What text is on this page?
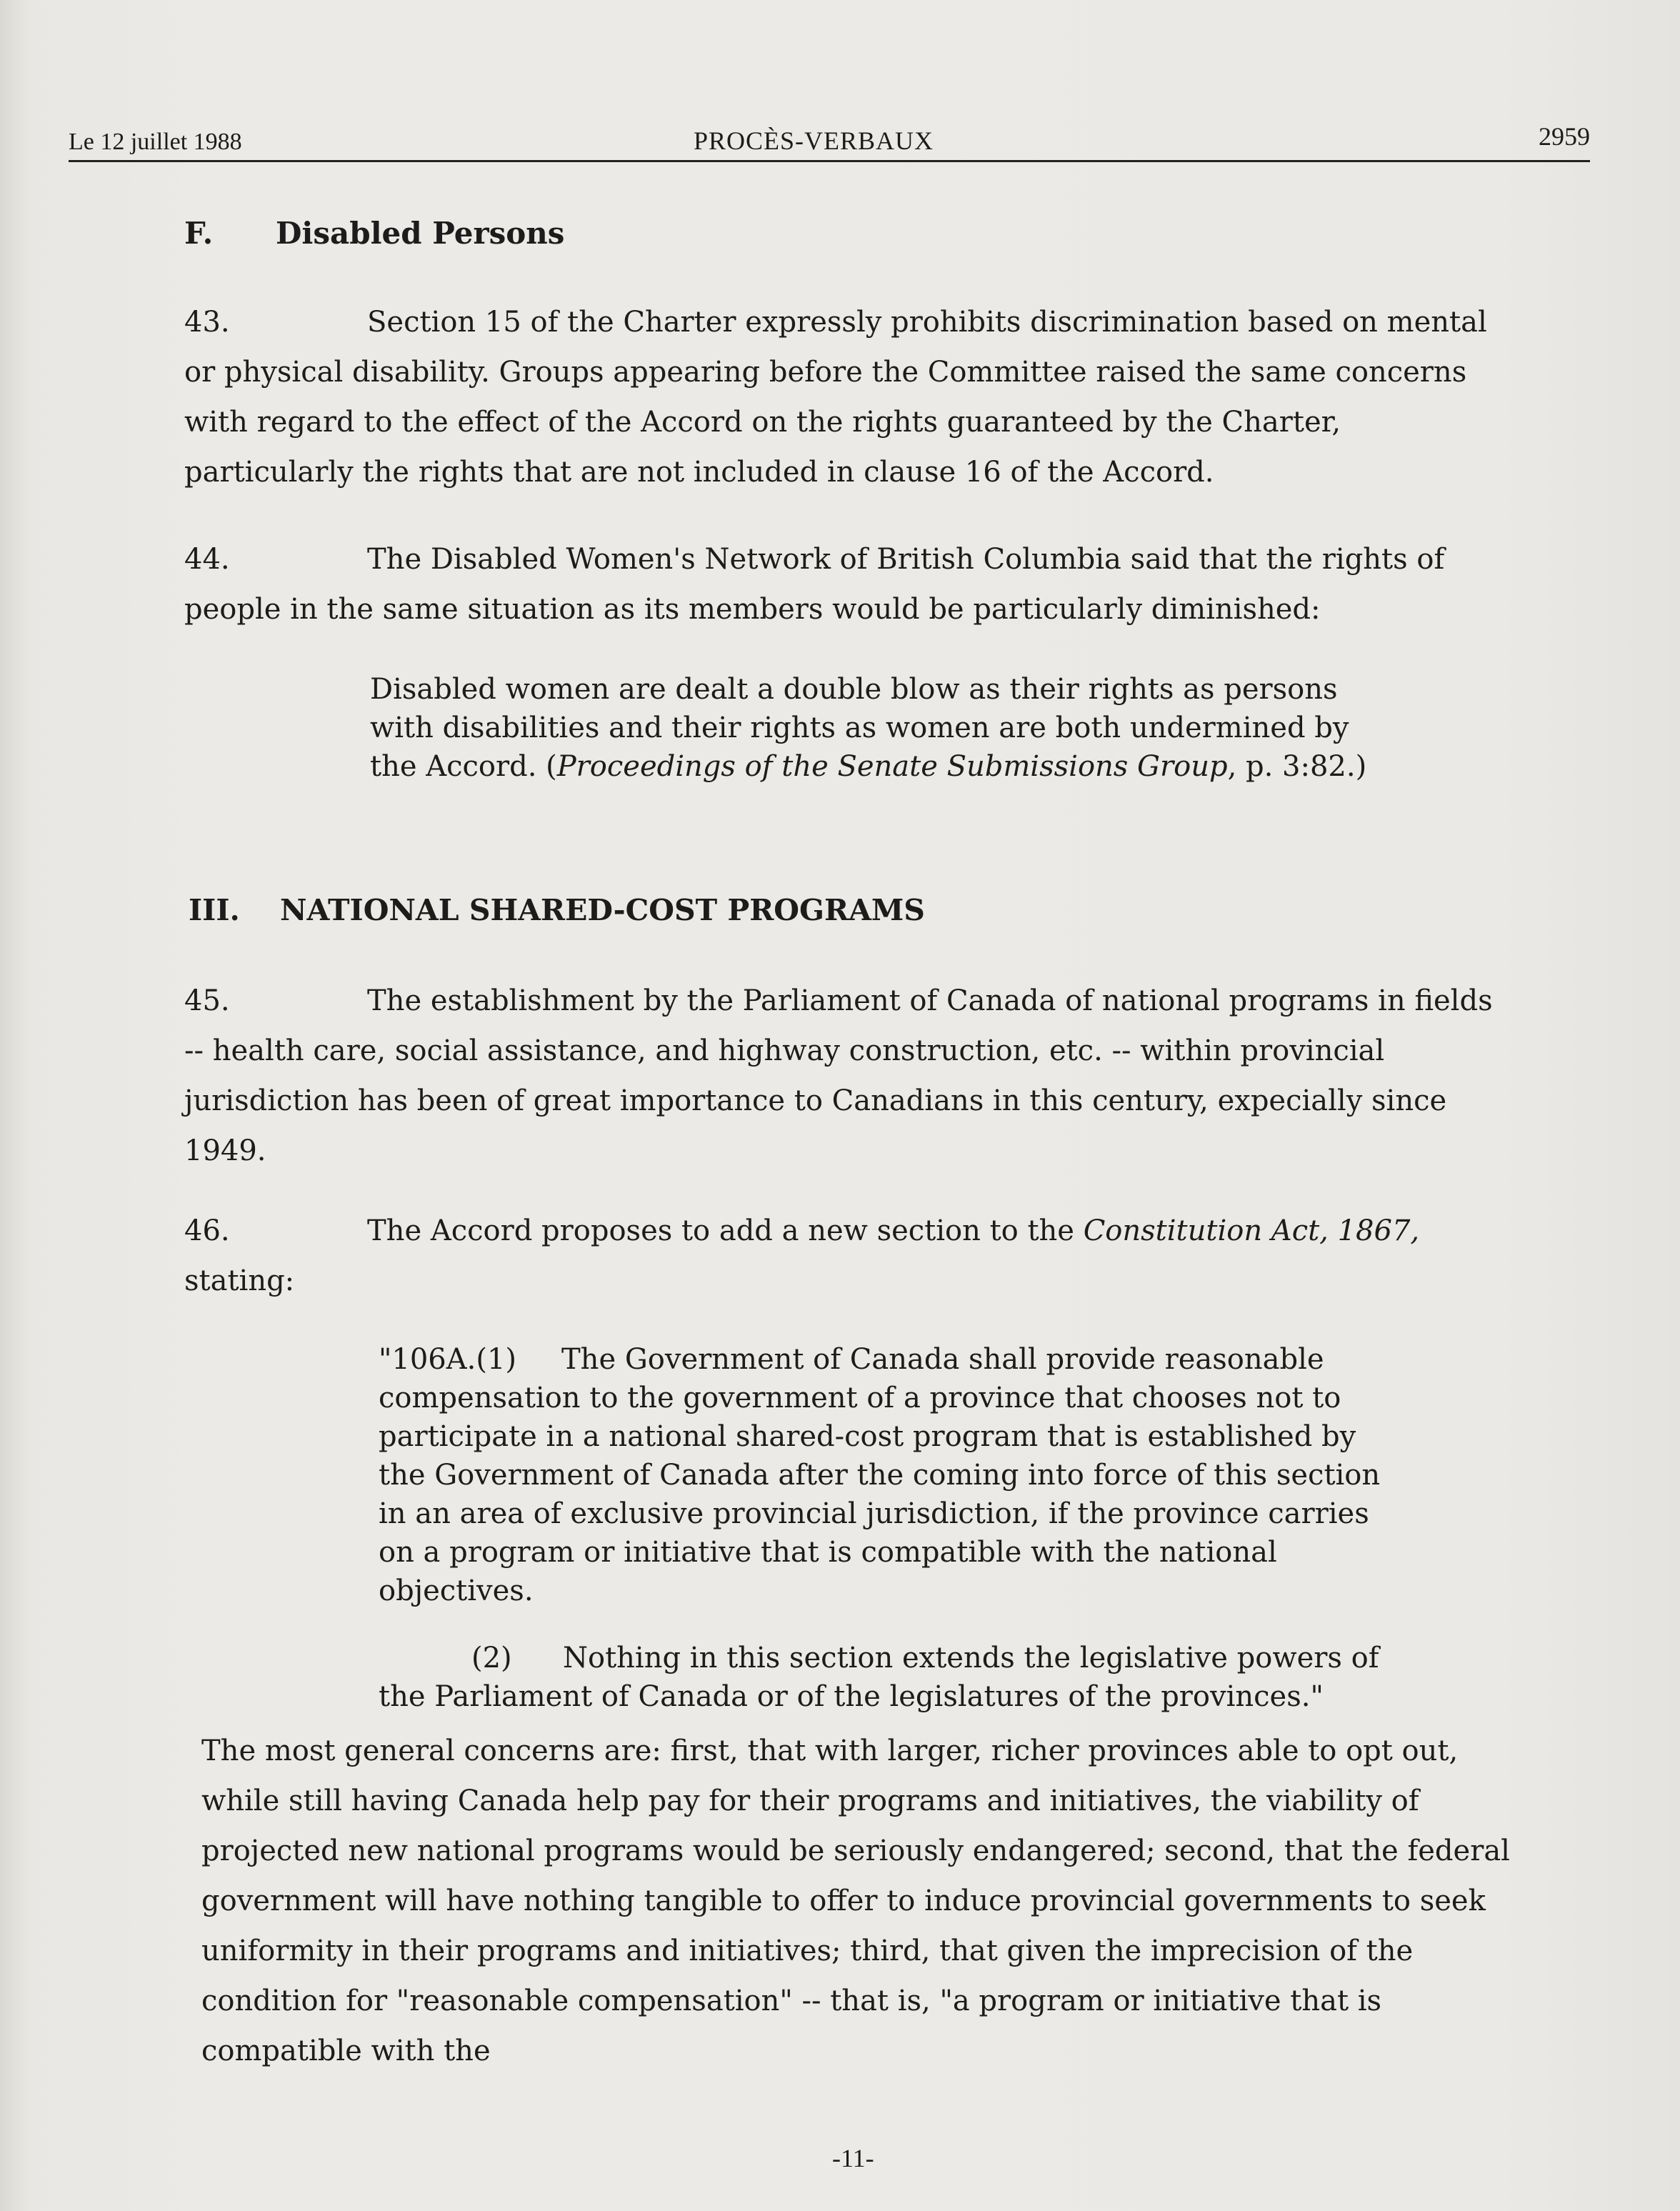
Le 12 juillet 1988	PROCÈS-VERBAUX	2959
F. Disabled Persons
43.	Section 15 of the Charter expressly prohibits discrimination based on mental or physical disability. Groups appearing before the Committee raised the same concerns with regard to the effect of the Accord on the rights guaranteed by the Charter, particularly the rights that are not included in clause 16 of the Accord.
44.	The Disabled Women's Network of British Columbia said that the rights of people in the same situation as its members would be particularly diminished:
Disabled women are dealt a double blow as their rights as persons with disabilities and their rights as women are both undermined by the Accord. (Proceedings of the Senate Submissions Group, p. 3:82.)
III. NATIONAL SHARED-COST PROGRAMS
45.	The establishment by the Parliament of Canada of national programs in fields -- health care, social assistance, and highway construction, etc. -- within provincial jurisdiction has been of great importance to Canadians in this century, expecially since 1949.
46.	The Accord proposes to add a new section to the Constitution Act, 1867, stating:
"106A.(1) The Government of Canada shall provide reasonable compensation to the government of a province that chooses not to participate in a national shared-cost program that is established by the Government of Canada after the coming into force of this section in an area of exclusive provincial jurisdiction, if the province carries on a program or initiative that is compatible with the national objectives.
(2) Nothing in this section extends the legislative powers of the Parliament of Canada or of the legislatures of the provinces."
The most general concerns are: first, that with larger, richer provinces able to opt out, while still having Canada help pay for their programs and initiatives, the viability of projected new national programs would be seriously endangered; second, that the federal government will have nothing tangible to offer to induce provincial governments to seek uniformity in their programs and initiatives; third, that given the imprecision of the condition for "reasonable compensation" -- that is, "a program or initiative that is compatible with the
-11-
